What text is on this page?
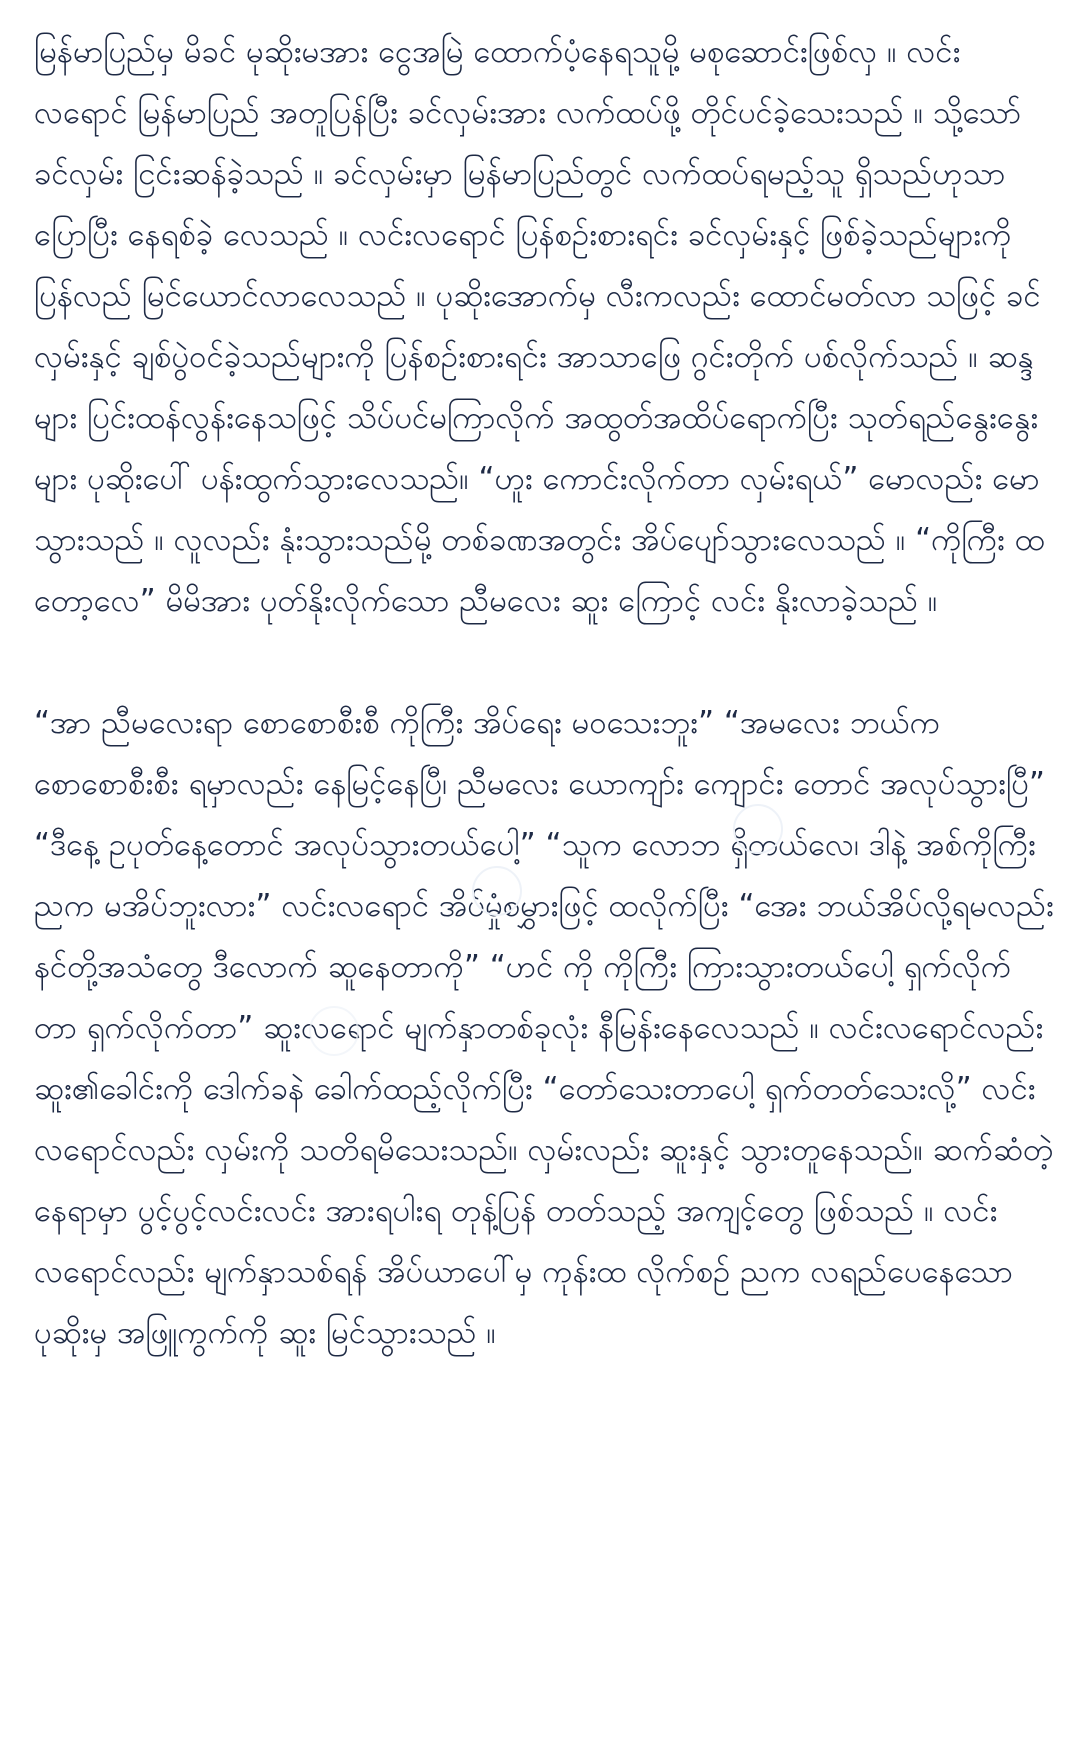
မြန်မာပြည်မှ မိခင် မုဆိုးမအား ငွေအမြဲ ထောက်ပံ့နေရသူမို့ မစုဆောင်းဖြစ်လှ ။ လင်းလရောင် မြန်မာပြည် အတူပြန်ပြီး ခင်လှမ်းအား လက်ထပ်ဖို့ တိုင်ပင်ခဲ့သေးသည် ။ သို့သော် ခင်လှမ်း ငြင်းဆန်ခဲ့သည် ။ ခင်လှမ်းမှာ မြန်မာပြည်တွင် လက်ထပ်ရမည့်သူ ရှိသည်ဟုသာ ပြောပြီး နေရစ်ခဲ့ လေသည် ။ လင်းလရောင် ပြန်စဉ်းစားရင်း ခင်လှမ်းနှင့် ဖြစ်ခဲ့သည်များကို ပြန်လည် မြင်ယောင်လာလေသည် ။ ပုဆိုးအောက်မှ လီးကလည်း ထောင်မတ်လာ သဖြင့် ခင်လှမ်းနှင့် ချစ်ပွဲဝင်ခဲ့သည်များကို ပြန်စဉ်းစားရင်း အာသာဖြေ ဂွင်းတိုက် ပစ်လိုက်သည် ။ ဆန္ဒများ ပြင်းထန်လွန်းနေသဖြင့် သိပ်ပင်မကြာလိုက် အထွတ်အထိပ်ရောက်ပြီး သုတ်ရည်နွေးနွေးများ ပုဆိုးပေါ် ပန်းထွက်သွားလေသည်။ “ဟူး ကောင်းလိုက်တာ လှမ်းရယ်” မောလည်း မောသွားသည် ။ လူလည်း နုံးသွားသည်မို့ တစ်ခဏအတွင်း အိပ်ပျော်သွားလေသည် ။ “ကိုကြီး ထတော့လေ” မိမိအား ပုတ်နိုးလိုက်သော ညီမလေး ဆူး ကြောင့် လင်း နိုးလာခဲ့သည် ။

“အာ ညီမလေးရာ စောစောစီးစီ ကိုကြီး အိပ်ရေး မဝသေးဘူး” “အမလေး ဘယ်က စောစောစီးစီး ရမှာလည်း နေမြင့်နေပြီ၊ ညီမလေး ယောကျာ်း ကျောင်း တောင် အလုပ်သွားပြီ” “ဒီနေ့ ဥပုတ်နေ့တောင် အလုပ်သွားတယ်ပေါ့” “သူက လောဘ ရှိတယ်လေ၊ ဒါနဲ့ အစ်ကိုကြီး ညက မအိပ်ဘူးလား” လင်းလရောင် အိပ်မှုံစမွှားဖြင့် ထလိုက်ပြီး “အေး ဘယ်အိပ်လို့ရမလည်း နင်တို့အသံတွေ ဒီလောက် ဆူနေတာကို” “ဟင် ကို ကိုကြီး ကြားသွားတယ်ပေါ့ ရှက်လိုက်တာ ရှက်လိုက်တာ” ဆူးလရောင် မျက်နှာတစ်ခုလုံး နီမြန်းနေလေသည် ။ လင်းလရောင်လည်း ဆူး၏ခေါင်းကို ဒေါက်ခနဲ ခေါက်ထည့်လိုက်ပြီး “တော်သေးတာပေါ့ ရှက်တတ်သေးလို့” လင်းလရောင်လည်း လှမ်းကို သတိရမိသေးသည်။ လှမ်းလည်း ဆူးနှင့် သွားတူနေသည်။ ဆက်ဆံတဲ့ နေရာမှာ ပွင့်ပွင့်လင်းလင်း အားရပါးရ တုန့်ပြန် တတ်သည့် အကျင့်တွေ ဖြစ်သည် ။ လင်းလရောင်လည်း မျက်နှာသစ်ရန် အိပ်ယာပေါ်မှ ကုန်းထ လိုက်စဉ် ညက လရည်ပေနေသော ပုဆိုးမှ အဖြူကွက်ကို ဆူး မြင်သွားသည် ။
